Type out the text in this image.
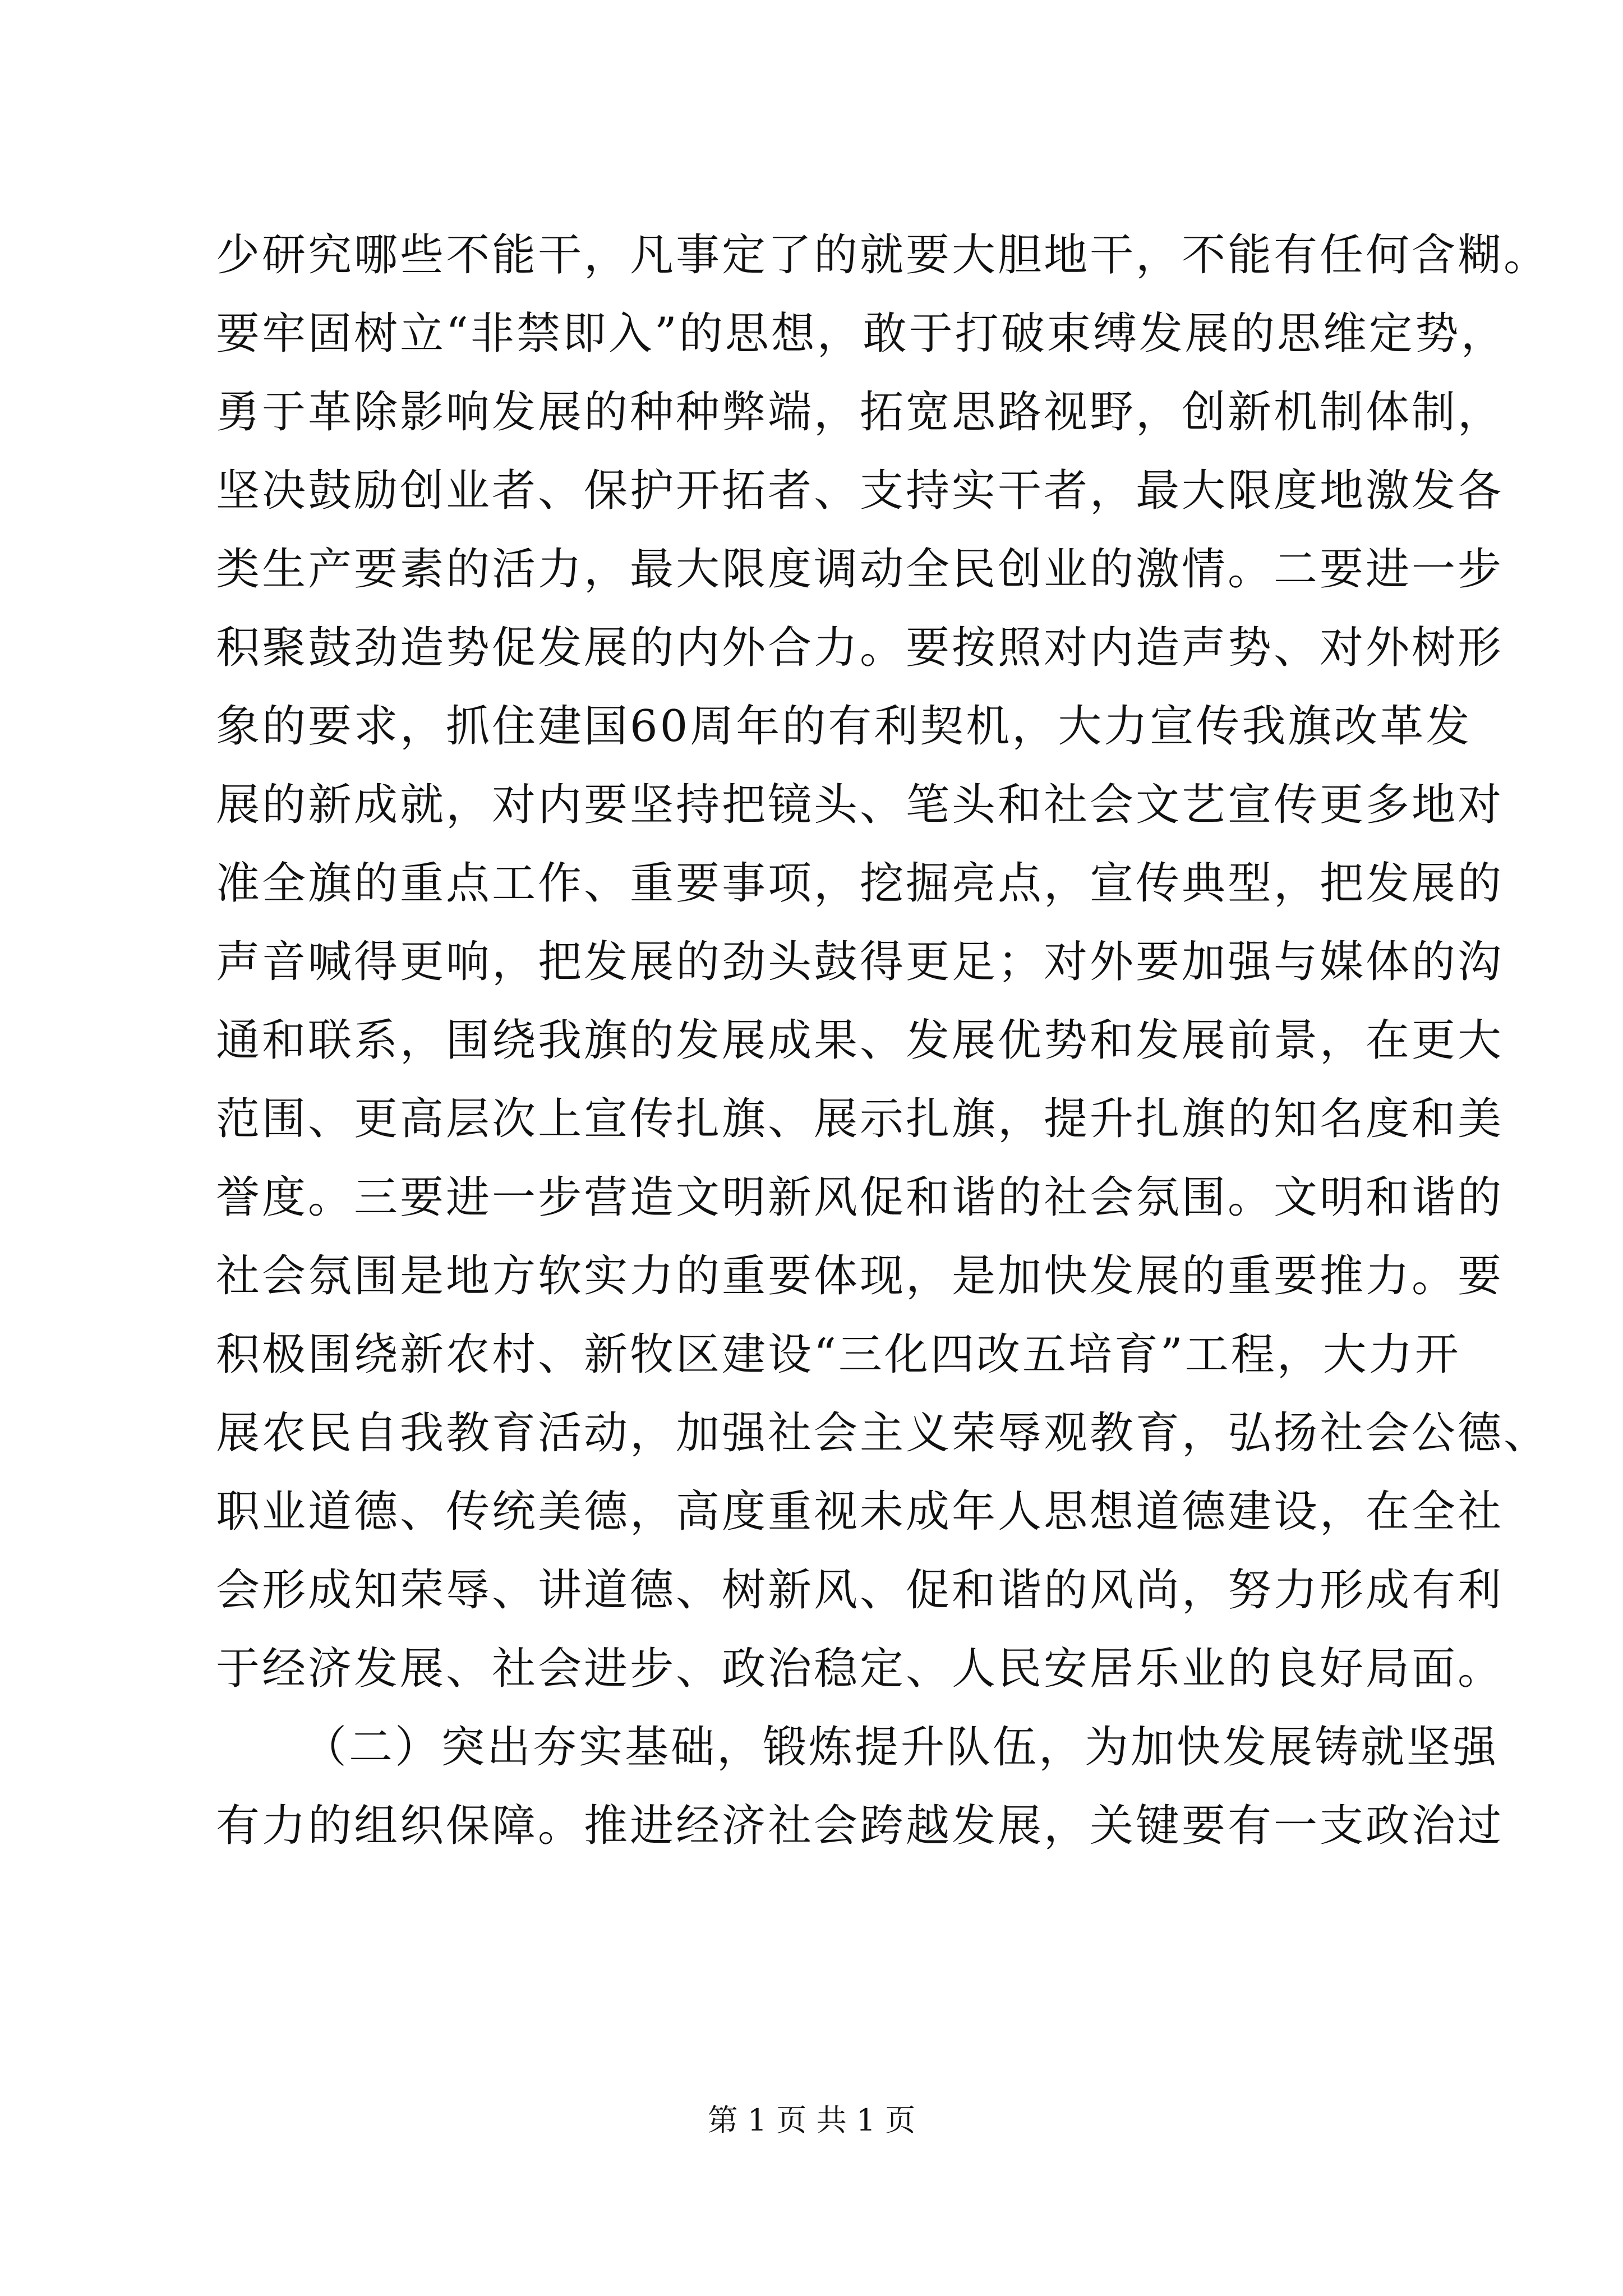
少研究哪些不能干，凡事定了的就要大胆地干，不能有任何含糊。
要牢固树立“非禁即入”的思想，敢于打破束缚发展的思维定势，
勇于革除影响发展的种种弊端，拓宽思路视野，创新机制体制，
坚决鼓励创业者、保护开拓者、支持实干者，最大限度地激发各
类生产要素的活力，最大限度调动全民创业的激情。二要进一步
积聚鼓劲造势促发展的内外合力。要按照对内造声势、对外树形
象的要求，抓住建国60周年的有利契机，大力宣传我旗改革发
展的新成就，对内要坚持把镜头、笔头和社会文艺宣传更多地对
准全旗的重点工作、重要事项，挖掘亮点，宣传典型，把发展的
声音喊得更响，把发展的劲头鼓得更足；对外要加强与媒体的沟
通和联系，围绕我旗的发展成果、发展优势和发展前景，在更大
范围、更高层次上宣传扎旗、展示扎旗，提升扎旗的知名度和美
誉度。三要进一步营造文明新风促和谐的社会氛围。文明和谐的
社会氛围是地方软实力的重要体现，是加快发展的重要推力。要
积极围绕新农村、新牧区建设“三化四改五培育”工程，大力开
展农民自我教育活动，加强社会主义荣辱观教育，弘扬社会公德、
职业道德、传统美德，高度重视未成年人思想道德建设，在全社
会形成知荣辱、讲道德、树新风、促和谐的风尚，努力形成有利
于经济发展、社会进步、政治稳定、人民安居乐业的良好局面。
（二）突出夯实基础，锻炼提升队伍，为加快发展铸就坚强
有力的组织保障。推进经济社会跨越发展，关键要有一支政治过
第 1 页 共 1 页
